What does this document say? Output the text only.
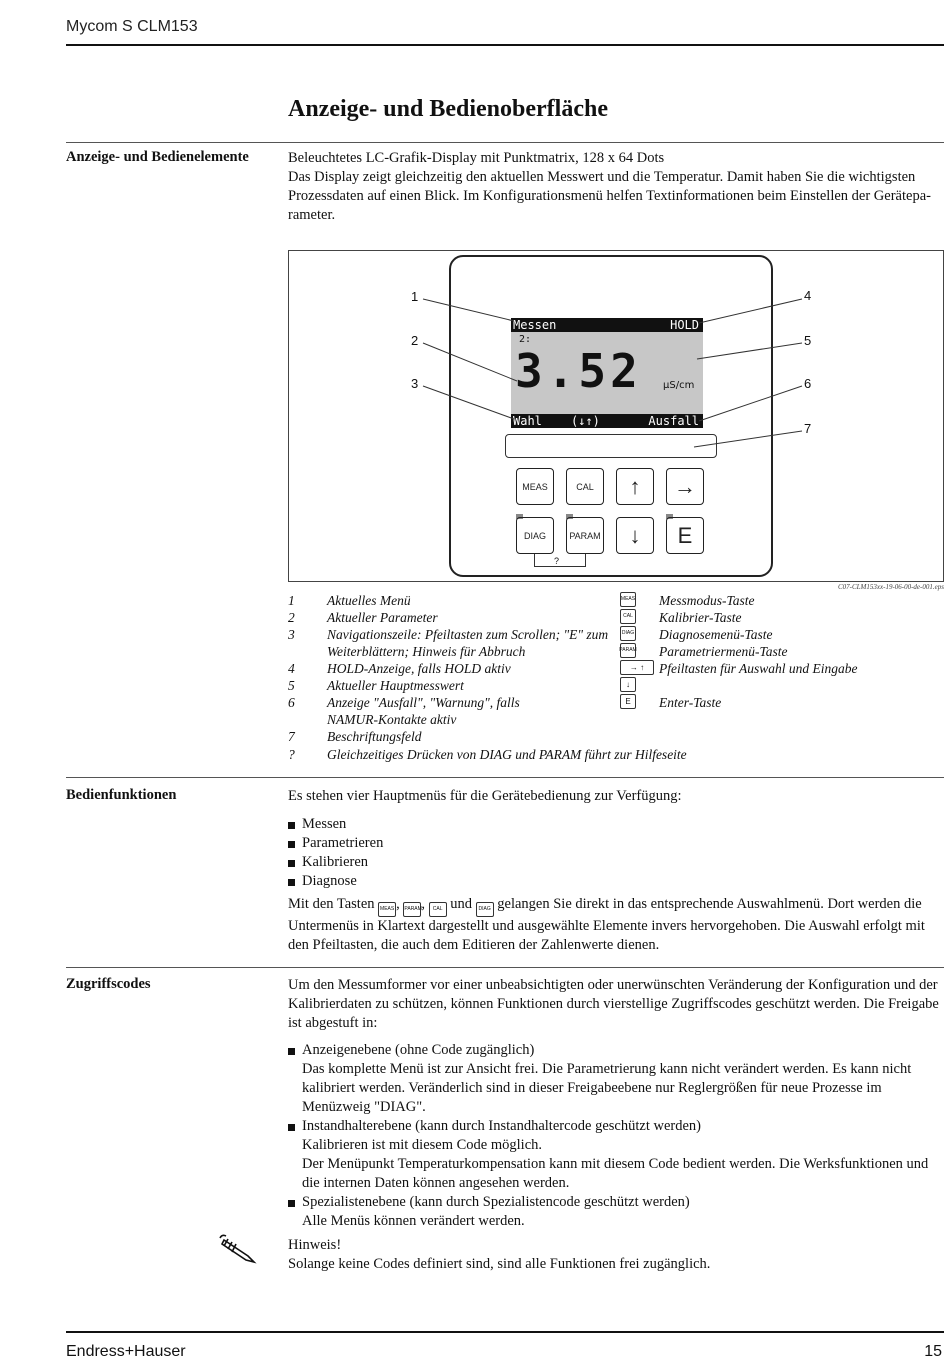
Mycom S CLM153
Anzeige- und Bedienoberfläche
Anzeige- und Bedienelemente	Beleuchtetes LC-Grafik-Display mit Punktmatrix, 128 x 64 Dots

Das Display zeigt gleichzeitig den aktuellen Messwert und die Temperatur. Damit haben Sie die wichtigsten Prozessdaten auf einen Blick. Im Konfigurationsmenü helfen Textinformationen beim Einstellen der Gerätepa-rameter.

Messen	HOLD
2:
3.52 µS/cm
Wahl (↓↑)	Ausfall
MEAS	CAL	↑	→
DIAG	PARAM	↓	E
?
1
2
3
4
5
6
7
C07-CLM153xx-19-06-00-de-001.eps
1	Aktuelles Menü
2	Aktueller Parameter
3	Navigationszeile: Pfeiltasten zum Scrollen; "E" zum
Weiterblättern; Hinweis für Abbruch
4	HOLD-Anzeige, falls HOLD aktiv
5	Aktueller Hauptmesswert
6	Anzeige "Ausfall", "Warnung", falls
NAMUR-Kontakte aktiv
7	Beschriftungsfeld
?	Gleichzeitiges Drücken von DIAG und PARAM führt zur Hilfeseite
MEAS Messmodus-Taste
CAL Kalibrier-Taste
DIAG Diagnosemenü-Taste
PARAM Parametriermenü-Taste
→ ↑	Pfeiltasten für Auswahl und Eingabe
↓
E	Enter-Taste
Bedienfunktionen	Es stehen vier Hauptmenüs für die Gerätebedienung zur Verfügung:

Messen
Parametrieren
Kalibrieren
Diagnose

Mit den Tasten MEAS , PARAM, CAL und DIAG gelangen Sie direkt in das entsprechende Auswahlmenü. Dort werden die Untermenüs in Klartext dargestellt und ausgewählte Elemente invers hervorgehoben. Die Auswahl erfolgt mit den Pfeiltasten, die auch dem Editieren der Zahlenwerte dienen.

Zugriffscodes	Um den Messumformer vor einer unbeabsichtigten oder unerwünschten Veränderung der Konfiguration und der Kalibrierdaten zu schützen, können Funktionen durch vierstellige Zugriffscodes geschützt werden. Die Freigabe ist abgestuft in:

Anzeigenebene (ohne Code zugänglich)
Das komplette Menü ist zur Ansicht frei. Die Parametrierung kann nicht verändert werden. Es kann nicht kalibriert werden. Veränderlich sind in dieser Freigabeebene nur Reglergrößen für neue Prozesse im Menüzweig "DIAG".
Instandhalterebene (kann durch Instandhaltercode geschützt werden)
Kalibrieren ist mit diesem Code möglich.
Der Menüpunkt Temperaturkompensation kann mit diesem Code bedient werden. Die Werksfunktionen und die internen Daten können angesehen werden.
Spezialistenebene (kann durch Spezialistencode geschützt werden)
Alle Menüs können verändert werden.

Hinweis!

Solange keine Codes definiert sind, sind alle Funktionen frei zugänglich.

Endress+Hauser	15
